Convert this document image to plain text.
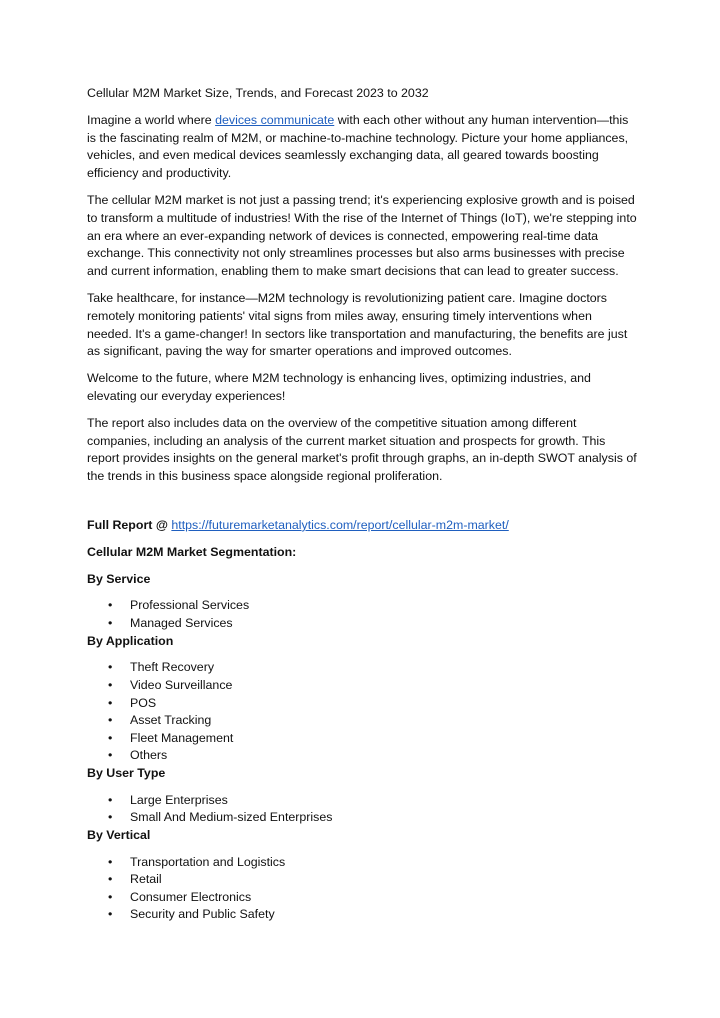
Cellular M2M Market Size, Trends, and Forecast 2023 to 2032

Imagine a world where devices communicate with each other without any human intervention—this is the fascinating realm of M2M, or machine-to-machine technology. Picture your home appliances, vehicles, and even medical devices seamlessly exchanging data, all geared towards boosting efficiency and productivity.

The cellular M2M market is not just a passing trend; it's experiencing explosive growth and is poised to transform a multitude of industries! With the rise of the Internet of Things (IoT), we're stepping into an era where an ever-expanding network of devices is connected, empowering real-time data exchange. This connectivity not only streamlines processes but also arms businesses with precise and current information, enabling them to make smart decisions that can lead to greater success.

Take healthcare, for instance—M2M technology is revolutionizing patient care. Imagine doctors remotely monitoring patients' vital signs from miles away, ensuring timely interventions when needed. It's a game-changer! In sectors like transportation and manufacturing, the benefits are just as significant, paving the way for smarter operations and improved outcomes.

Welcome to the future, where M2M technology is enhancing lives, optimizing industries, and elevating our everyday experiences!

The report also includes data on the overview of the competitive situation among different companies, including an analysis of the current market situation and prospects for growth. This report provides insights on the general market's profit through graphs, an in-depth SWOT analysis of the trends in this business space alongside regional proliferation.

Full Report @ https://futuremarketanalytics.com/report/cellular-m2m-market/

Cellular M2M Market Segmentation:

By Service

• Professional Services
• Managed Services

By Application

• Theft Recovery
• Video Surveillance
• POS
• Asset Tracking
• Fleet Management
• Others

By User Type

• Large Enterprises
• Small And Medium-sized Enterprises

By Vertical

• Transportation and Logistics
• Retail
• Consumer Electronics
• Security and Public Safety
